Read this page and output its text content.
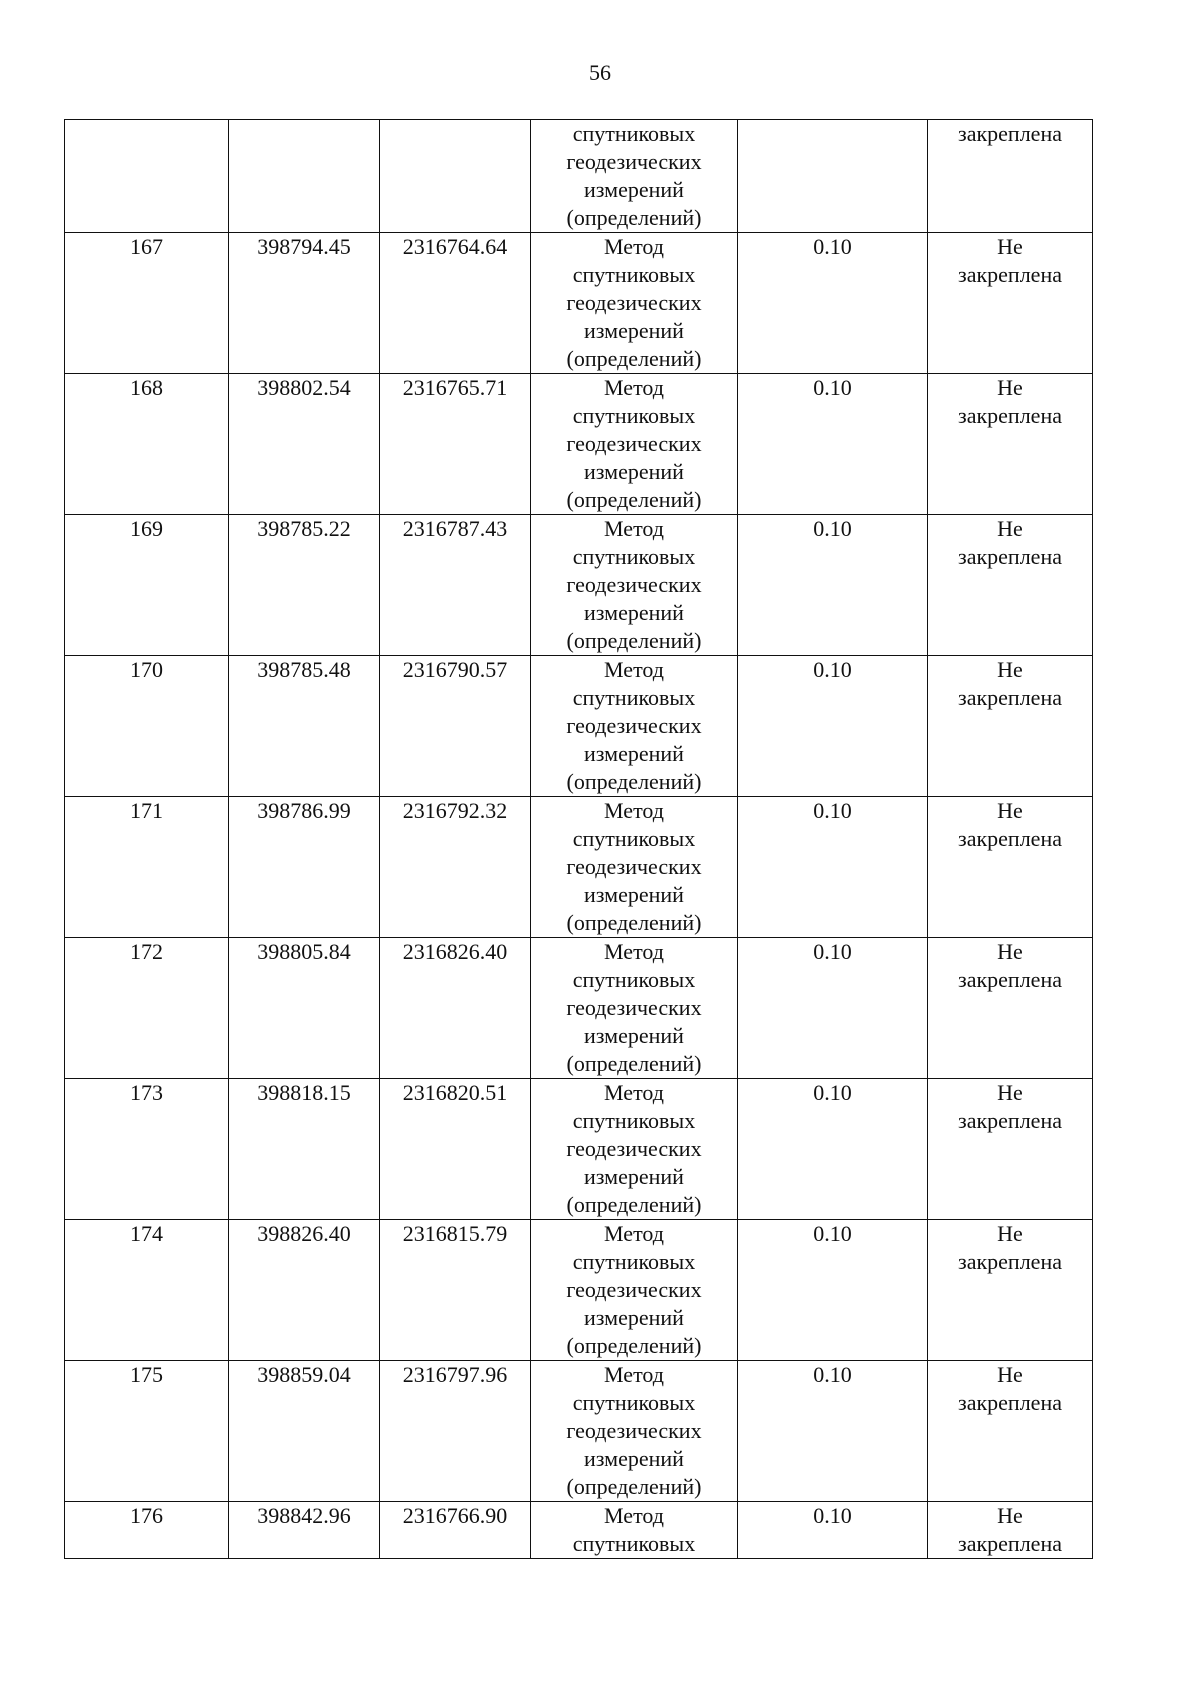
56

			спутниковых
геодезических
измерений
(определений)		закреплена

167	398794.45	2316764.64	Метод
спутниковых
геодезических
измерений
(определений)	0.10	Не
закреплена

168	398802.54	2316765.71	Метод
спутниковых
геодезических
измерений
(определений)	0.10	Не
закреплена

169	398785.22	2316787.43	Метод
спутниковых
геодезических
измерений
(определений)	0.10	Не
закреплена

170	398785.48	2316790.57	Метод
спутниковых
геодезических
измерений
(определений)	0.10	Не
закреплена

171	398786.99	2316792.32	Метод
спутниковых
геодезических
измерений
(определений)	0.10	Не
закреплена

172	398805.84	2316826.40	Метод
спутниковых
геодезических
измерений
(определений)	0.10	Не
закреплена

173	398818.15	2316820.51	Метод
спутниковых
геодезических
измерений
(определений)	0.10	Не
закреплена

174	398826.40	2316815.79	Метод
спутниковых
геодезических
измерений
(определений)	0.10	Не
закреплена

175	398859.04	2316797.96	Метод
спутниковых
геодезических
измерений
(определений)	0.10	Не
закреплена

176	398842.96	2316766.90	Метод
спутниковых	0.10	Не
закреплена
